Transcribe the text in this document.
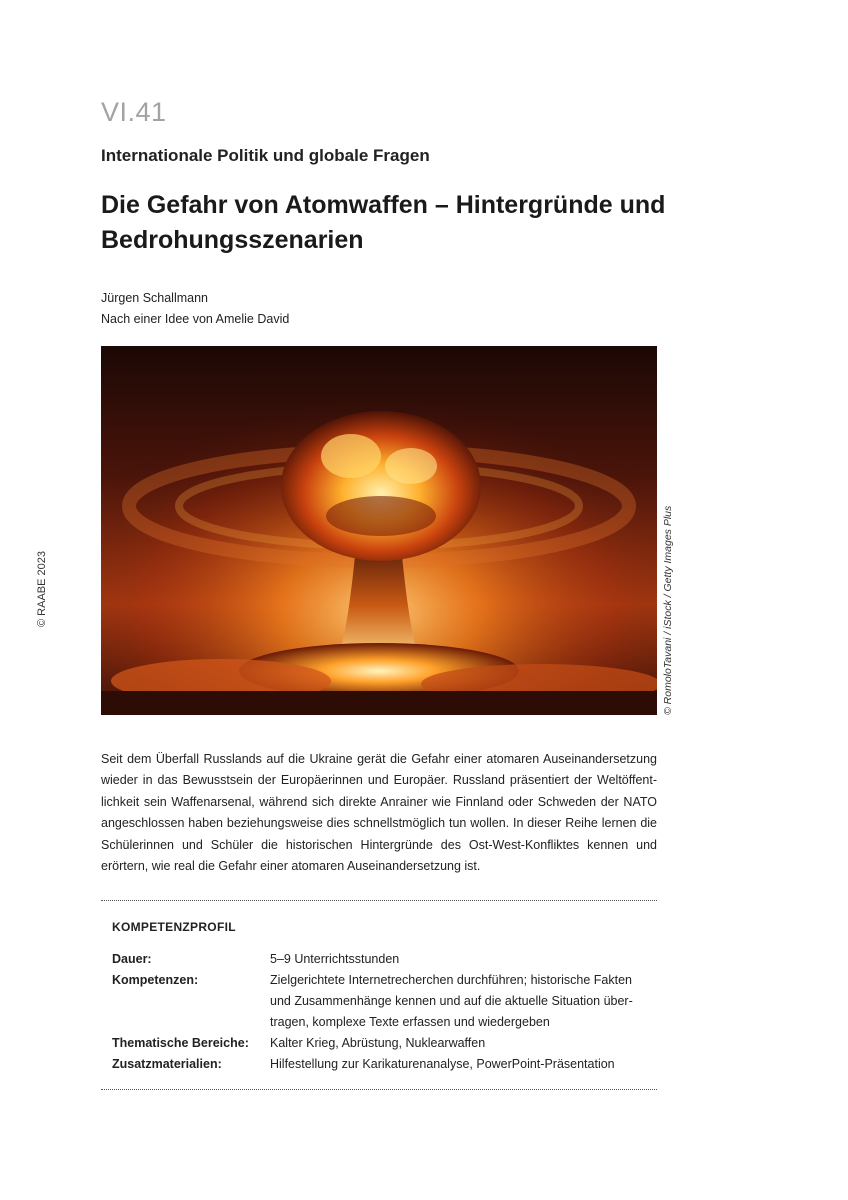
VI.41
Internationale Politik und globale Fragen
Die Gefahr von Atomwaffen – Hintergründe und
Bedrohungsszenarien
Jürgen Schallmann
Nach einer Idee von Amelie David
© RomoloTavani / iStock / Getty Images Plus
© RAABE 2023

Seit dem Überfall Russlands auf die Ukraine gerät die Gefahr einer atomaren Auseinandersetzung wieder in das Bewusstsein der Europäerinnen und Europäer. Russland präsentiert der Weltöffent-lichkeit sein Waffenarsenal, während sich direkte Anrainer wie Finnland oder Schweden der NATO angeschlossen haben beziehungsweise dies schnellstmöglich tun wollen. In dieser Reihe lernen die Schülerinnen und Schüler die historischen Hintergründe des Ost-West-Konfliktes kennen und erörtern, wie real die Gefahr einer atomaren Auseinandersetzung ist.

KOMPETENZPROFIL
Dauer:	5–9 Unterrichtsstunden
Kompetenzen:	Zielgerichtete Internetrecherchen durchführen; historische Fakten und Zusammenhänge kennen und auf die aktuelle Situation über-tragen, komplexe Texte erfassen und wiedergeben
Thematische Bereiche:	Kalter Krieg, Abrüstung, Nuklearwaffen
Zusatzmaterialien:	Hilfestellung zur Karikaturenanalyse, PowerPoint-Präsentation
